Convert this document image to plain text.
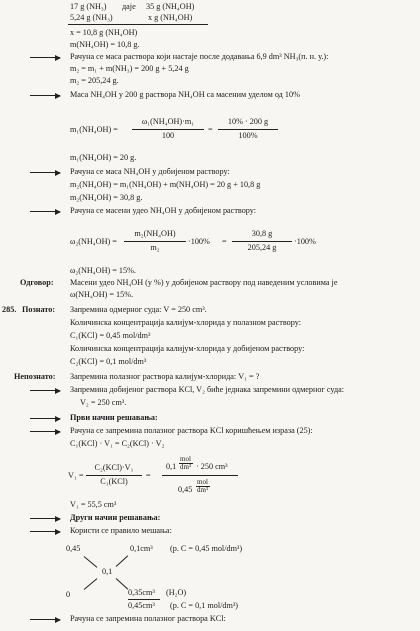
17 g (NH₃) даје 35 g (NH₄OH)
5,24 g (NH₃)	x g (NH₄OH)
x = 10,8 g (NH₄OH)
m(NH₄OH) = 10,8 g.
Рачуна се маса раствора који настаје после додавања 6,9 dm³ NH₃(п. н. у.):
m₂ = m₁ + m(NH₃) = 200 g + 5,24 g
m₂ = 205,24 g.
Маса NH₄OH у 200 g раствора NH₄OH са масеним уделом од 10%
m₁(NH₄OH) =
ω₁(NH₄OH)·m₁
100
=
10% · 200 g
100%
m₁(NH₄OH) = 20 g.
Рачуна се маса NH₄OH у добијеном раствору:
m₂(NH₄OH) = m₁(NH₄OH) + m(NH₄OH) = 20 g + 10,8 g
m₂(NH₄OH) = 30,8 g.
Рачуна се масени удео NH₄OH у добијеном раствору:
ω₂(NH₄OH) =
m₂(NH₄OH)
m₂
·100% =
30,8 g
205,24 g
·100%
ω₂(NH₄OH) = 15%.
Одговор: Масени удео NH₄OH (у %) у добијеном раствору под наведеним условима је
ω(NH₄OH) = 15%.
285. Познато: Запремина одмерног суда: V = 250 cm³.
Количинска концентрација калијум-хлорида у полазном раствору:
C₁(KCl) = 0,45 mol/dm³
Количинска концентрација калијум-хлорида у добијеном раствору:
C₂(KCl) = 0,1 mol/dm³
Непознато: Запремина полазног раствора калијум-хлорида: V₁ = ?
Запремина добијеног раствора KCl, V₂ биће једнака запремини одмерног суда:
V₂ = 250 cm³.
Први начин решавања:
Рачуна се запремина полазног раствора KCl коришћењем израза (25):
C₁(KCl) · V₁ = C₂(KCl) · V₂
V₁ =
C₂(KCl)·V₁
C₁(KCl)
=
0,1
mol
dm³ · 250 cm³
0,45
mol
dm³
V₁ = 55,5 cm³
Други начин решавања:
Користи се правило мешања:
0,45	0,1cm³ (p. C = 0,45 mol/dm³)
0,1
0	0,35cm³ (H₂O)
0,45cm³ (p. C = 0,1 mol/dm³)
Рачуна се запремина полазног раствора KCl:
